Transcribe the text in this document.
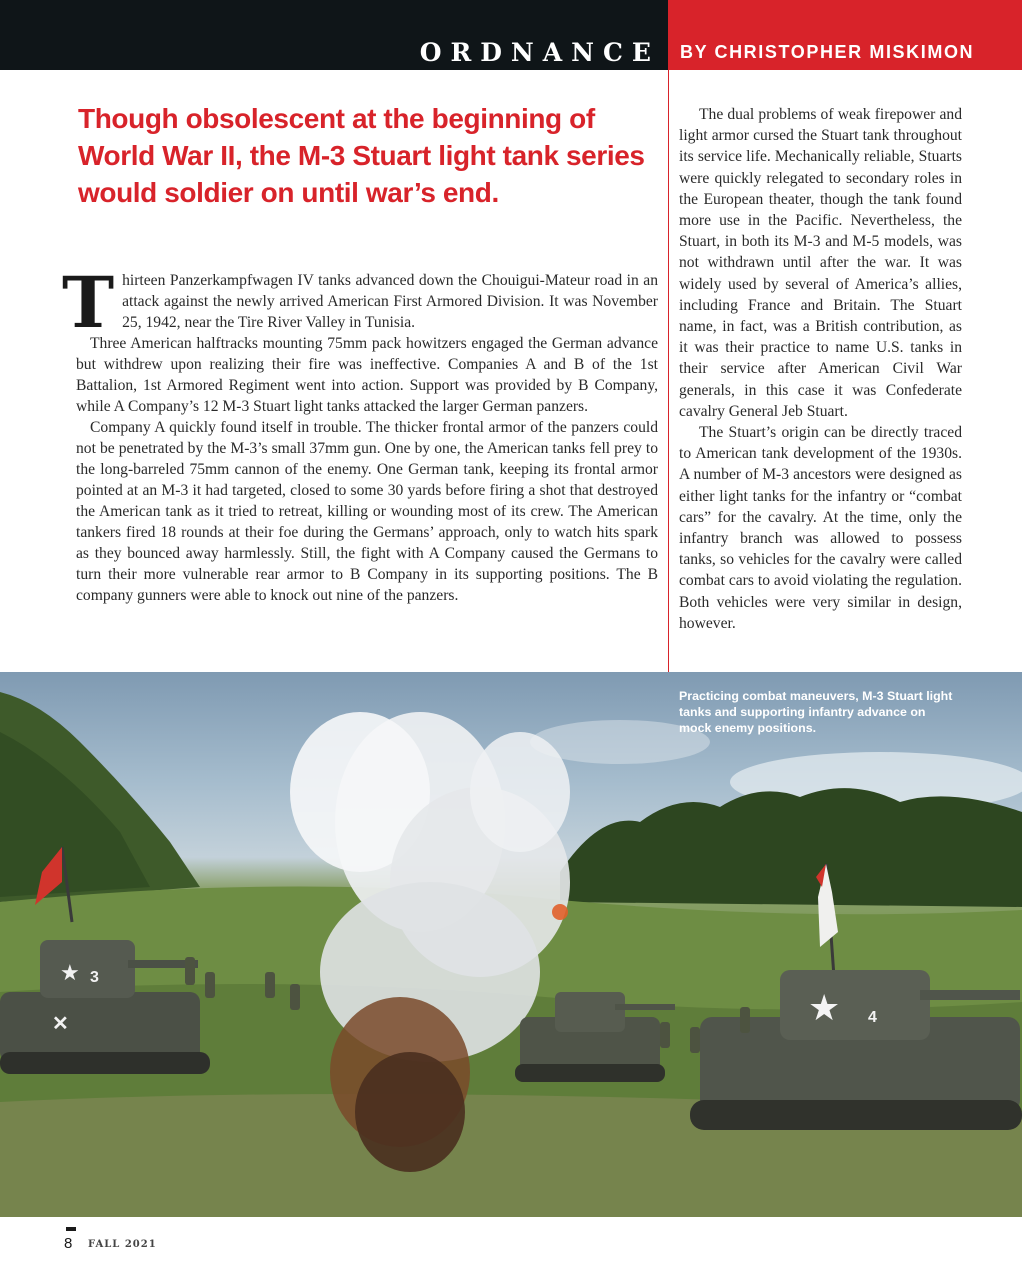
ORDNANCE BY CHRISTOPHER MISKIMON

Though obsolescent at the beginning of World War II, the M-3 Stuart light tank series would soldier on until war’s end.

Thirteen Panzerkampfwagen IV tanks advanced down the Chouigui-Mateur road in an attack against the newly arrived American First Armored Division. It was November 25, 1942, near the Tire River Valley in Tunisia.

Three American halftracks mounting 75mm pack howitzers engaged the German advance but withdrew upon realizing their fire was ineffective. Companies A and B of the 1st Battalion, 1st Armored Regiment went into action. Support was provided by B Company, while A Company’s 12 M-3 Stuart light tanks attacked the larger German panzers.

Company A quickly found itself in trouble. The thicker frontal armor of the panzers could not be penetrated by the M-3’s small 37mm gun. One by one, the American tanks fell prey to the long-barreled 75mm cannon of the enemy. One German tank, keeping its frontal armor pointed at an M-3 it had targeted, closed to some 30 yards before firing a shot that destroyed the American tank as it tried to retreat, killing or wounding most of its crew. The American tankers fired 18 rounds at their foe during the Germans’ approach, only to watch hits spark as they bounced away harmlessly. Still, the fight with A Company caused the Germans to turn their more vulnerable rear armor to B Company in its supporting positions. The B company gunners were able to knock out nine of the panzers.

The dual problems of weak firepower and light armor cursed the Stuart tank throughout its service life. Mechanically reliable, Stuarts were quickly relegated to secondary roles in the European theater, though the tank found more use in the Pacific. Nevertheless, the Stuart, in both its M-3 and M-5 models, was not withdrawn until after the war. It was widely used by several of America’s allies, including France and Britain. The Stuart name, in fact, was a British contribution, as it was their practice to name U.S. tanks in their service after American Civil War generals, in this case it was Confederate cavalry General Jeb Stuart.

The Stuart’s origin can be directly traced to American tank development of the 1930s. A number of M-3 ancestors were designed as either light tanks for the infantry or “combat cars” for the cavalry. At the time, only the infantry branch was allowed to possess tanks, so vehicles for the cavalry were called combat cars to avoid violating the regulation. Both vehicles were very similar in design, however.

★ 3
✕	★ 4

Practicing combat maneuvers, M-3 Stuart light tanks and supporting infantry advance on mock enemy positions.

8 FALL 2021
